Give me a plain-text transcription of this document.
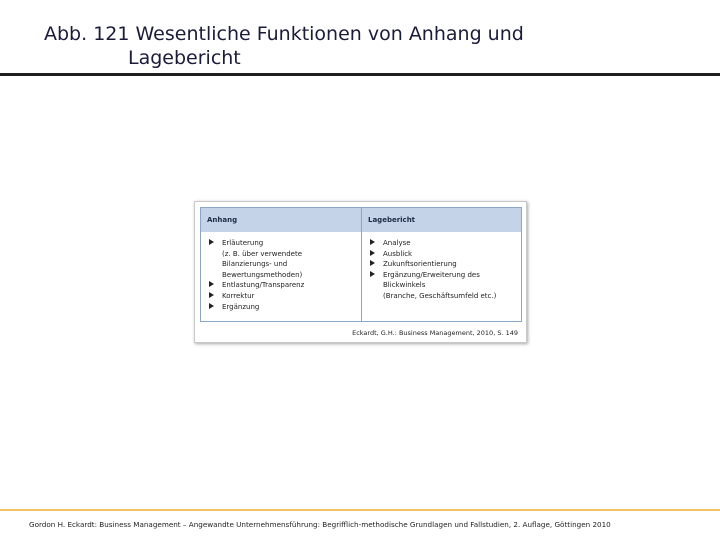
Abb. 121 Wesentliche Funktionen von Anhang und
Lagebericht
Anhang	Lagebericht
Erläuterung
(z. B. über verwendete
Bilanzierungs- und
Bewertungsmethoden)
Entlastung/Transparenz
Korrektur
Ergänzung
Analyse
Ausblick
Zukunftsorientierung
Ergänzung/Erweiterung des
Blickwinkels
(Branche, Geschäftsumfeld etc.)
Eckardt, G.H.: Business Management, 2010, S. 149
Gordon H. Eckardt: Business Management – Angewandte Unternehmensführung: Begrifflich-methodische Grundlagen und Fallstudien, 2. Auflage, Göttingen 2010
